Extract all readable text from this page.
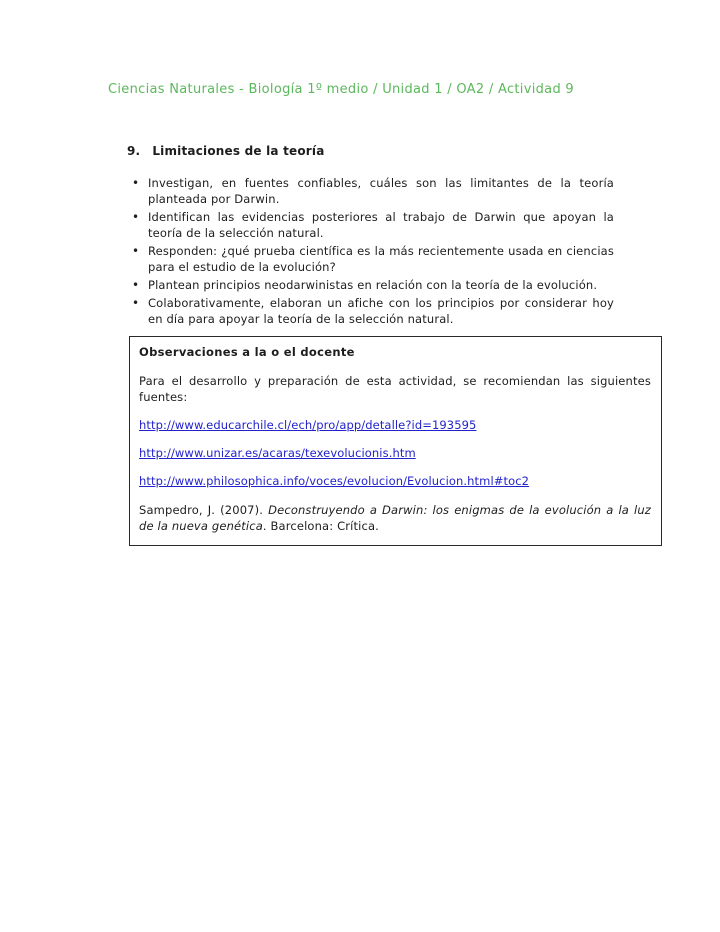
Ciencias Naturales - Biología 1º medio / Unidad 1 / OA2 / Actividad 9
9. Limitaciones de la teoría
• Investigan, en fuentes confiables, cuáles son las limitantes de la teoría planteada por Darwin.
• Identifican las evidencias posteriores al trabajo de Darwin que apoyan la teoría de la selección natural.
• Responden: ¿qué prueba científica es la más recientemente usada en ciencias para el estudio de la evolución?
• Plantean principios neodarwinistas en relación con la teoría de la evolución.
• Colaborativamente, elaboran un afiche con los principios por considerar hoy en día para apoyar la teoría de la selección natural.
Observaciones a la o el docente

Para el desarrollo y preparación de esta actividad, se recomiendan las siguientes fuentes:

http://www.educarchile.cl/ech/pro/app/detalle?id=193595

http://www.unizar.es/acaras/texevolucionis.htm

http://www.philosophica.info/voces/evolucion/Evolucion.html#toc2

Sampedro, J. (2007). Deconstruyendo a Darwin: los enigmas de la evolución a la luz de la nueva genética. Barcelona: Crítica.
